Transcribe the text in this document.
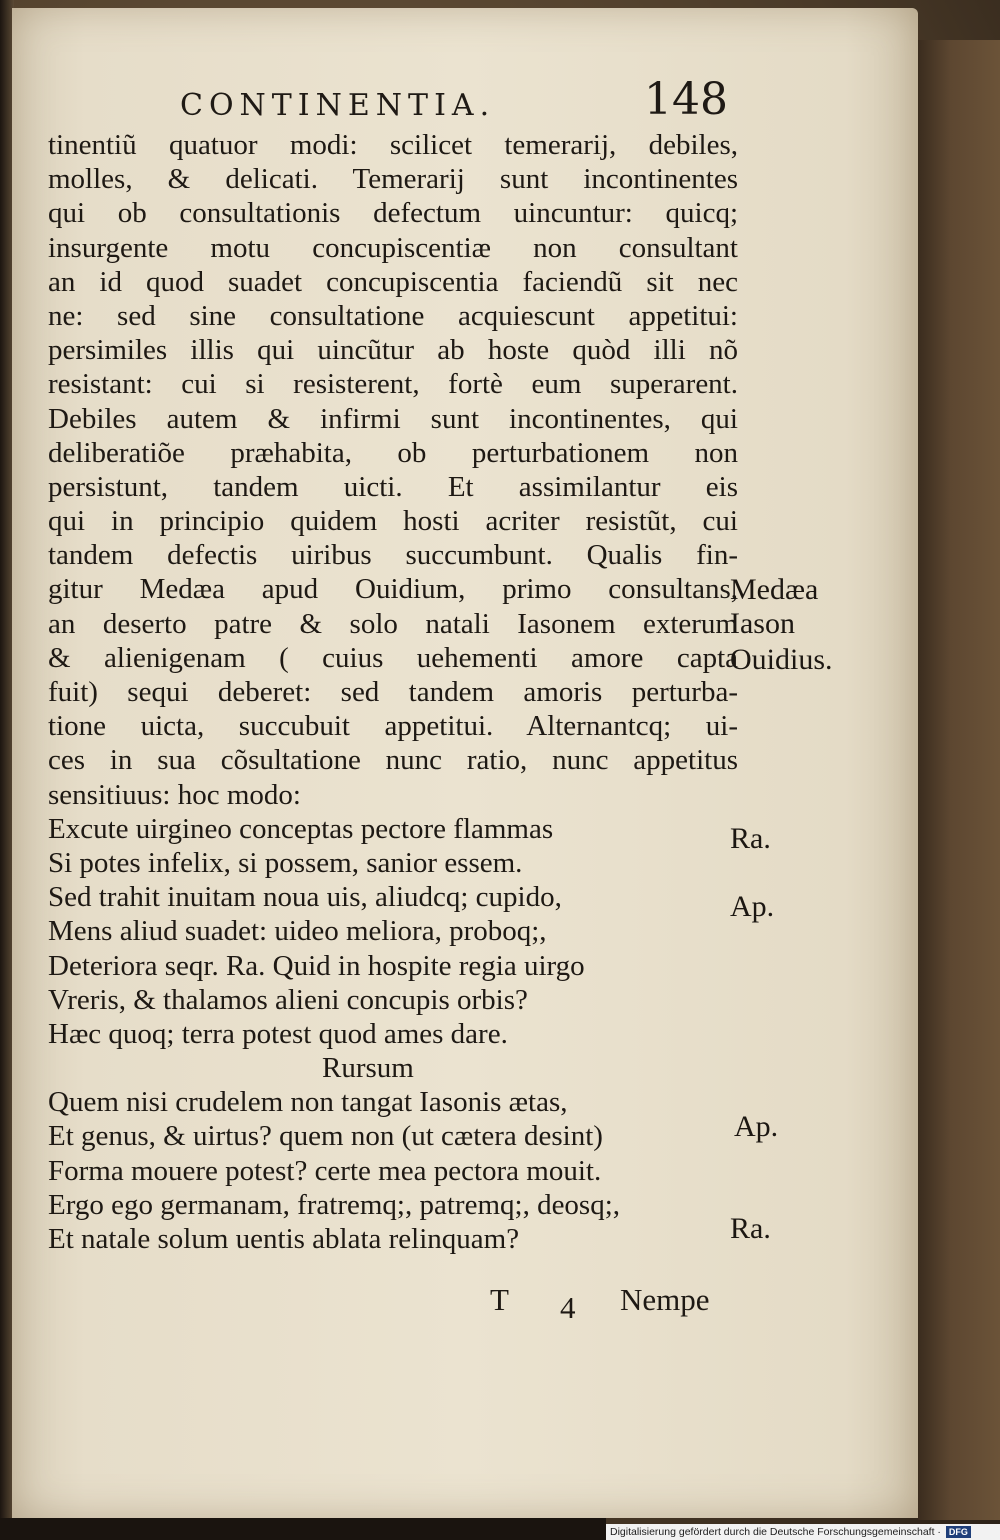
CONTINENTIA.	148
tinentiũ quatuor modi: scilicet temerarij, debiles,
molles, & delicati. Temerarij sunt incontinentes
qui ob consultationis defectum uincuntur: quicq;
insurgente motu concupiscentiæ non consultant
an id quod suadet concupiscentia faciendũ sit nec
ne: sed sine consultatione acquiescunt appetitui:
persimiles illis qui uincũtur ab hoste quòd illi nõ
resistant: cui si resisterent, fortè eum superarent.
Debiles autem & infirmi sunt incontinentes, qui
deliberatiõe præhabita, ob perturbationem non
persistunt, tandem uicti. Et assimilantur eis
qui in principio quidem hosti acriter resistũt, cui
tandem defectis uiribus succumbunt. Qualis fin-
gitur Medæa apud Ouidium, primo consultans,
an deserto patre & solo natali Iasonem exterum
& alienigenam ( cuius uehementi amore capta
fuit) sequi deberet: sed tandem amoris perturba-
tione uicta, succubuit appetitui. Alternantcq; ui-
ces in sua cõsultatione nunc ratio, nunc appetitus
sensitiuus: hoc modo:
Excute uirgineo conceptas pectore flammas
Si potes infelix, si possem, sanior essem.
Sed trahit inuitam noua uis, aliudcq; cupido,
Mens aliud suadet: uideo meliora, proboq;,
Deteriora seqr. Ra. Quid in hospite regia uirgo
Vreris, & thalamos alieni concupis orbis?
Hæc quoq; terra potest quod ames dare.
Rursum
Quem nisi crudelem non tangat Iasonis ætas,
Et genus, & uirtus? quem non (ut cætera desint)
Forma mouere potest? certe mea pectora mouit.
Ergo ego germanam, fratremq;, patremq;, deosq;,
Et natale solum uentis ablata relinquam?
Medæa
Iason
Ouidius.
Ra.
Ap.
Ap.
Ra.
T 4 Nempe
Digitalisierung gefördert durch die Deutsche Forschungsgemeinschaft · DFG
